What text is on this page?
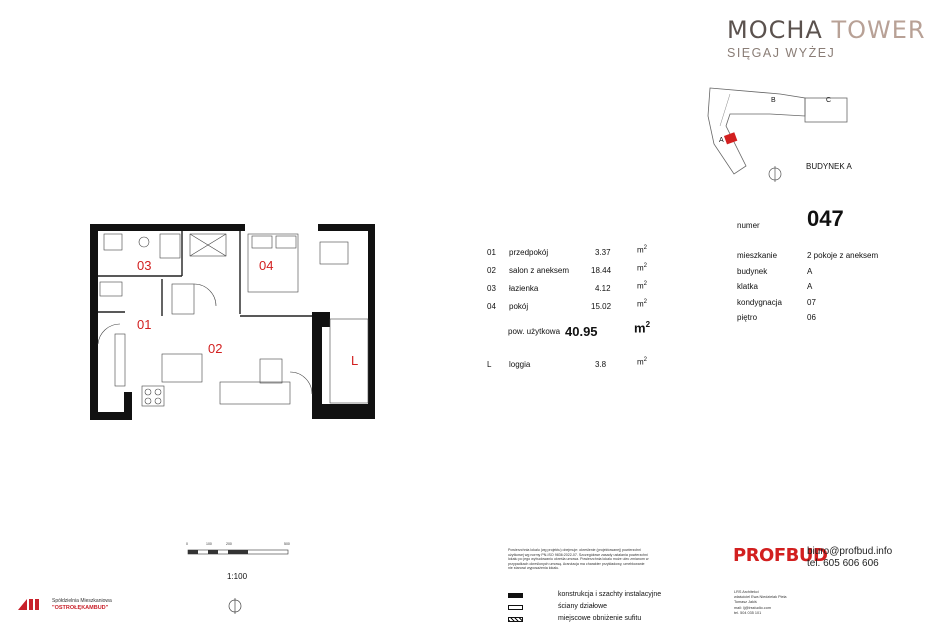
MOCHA TOWER
SIĘGAJ WYŻEJ
A
B	C
BUDYNEK A
03	04
01
02
L
01 przedpokój	3.37	$m^2$
02 salon z aneksem	18.44	$m^2$
03 łazienka	4.12	$m^2$
04 pokój	15.02	$m^2$
pow. użytkowa 40.95	$m^2$
L loggia	3.8	$m^2$
numer 047
mieszkanie	2 pokoje z aneksem
budynek	A
klatka	A
kondygnacja	07
piętro	06
0	100	200	500
1:100
Spółdzielnia Mieszkaniowa
"OSTROŁĘKAMBUD"
Powierzchnia lokalu (wg projektu) obejmuje: określenie (projektowanej) powierzchni użytkowej wg normy PN-ISO 9836:2022-07. Szczegółowe zasady ustalania powierzchni lokalu po jego wybudowaniu określa umowa. Powierzchnia lokalu może ulec zmianom w przypadkach określonych umową. Aranżacja ma charakter przykładowy, umeblowanie nie stanowi wyposażenia lokalu.
konstrukcja i szachty instalacyjne
ściany działowe
miejscowe obniżenie sufitu
PROFBUD
biuro@profbud.info
tel. 605 606 606
LRS Architekci
właściciel Ewa Niedzielak Piela
Tomasz Jakiś
mail: lj@lrsstudio.com
tel. 504 035 101
